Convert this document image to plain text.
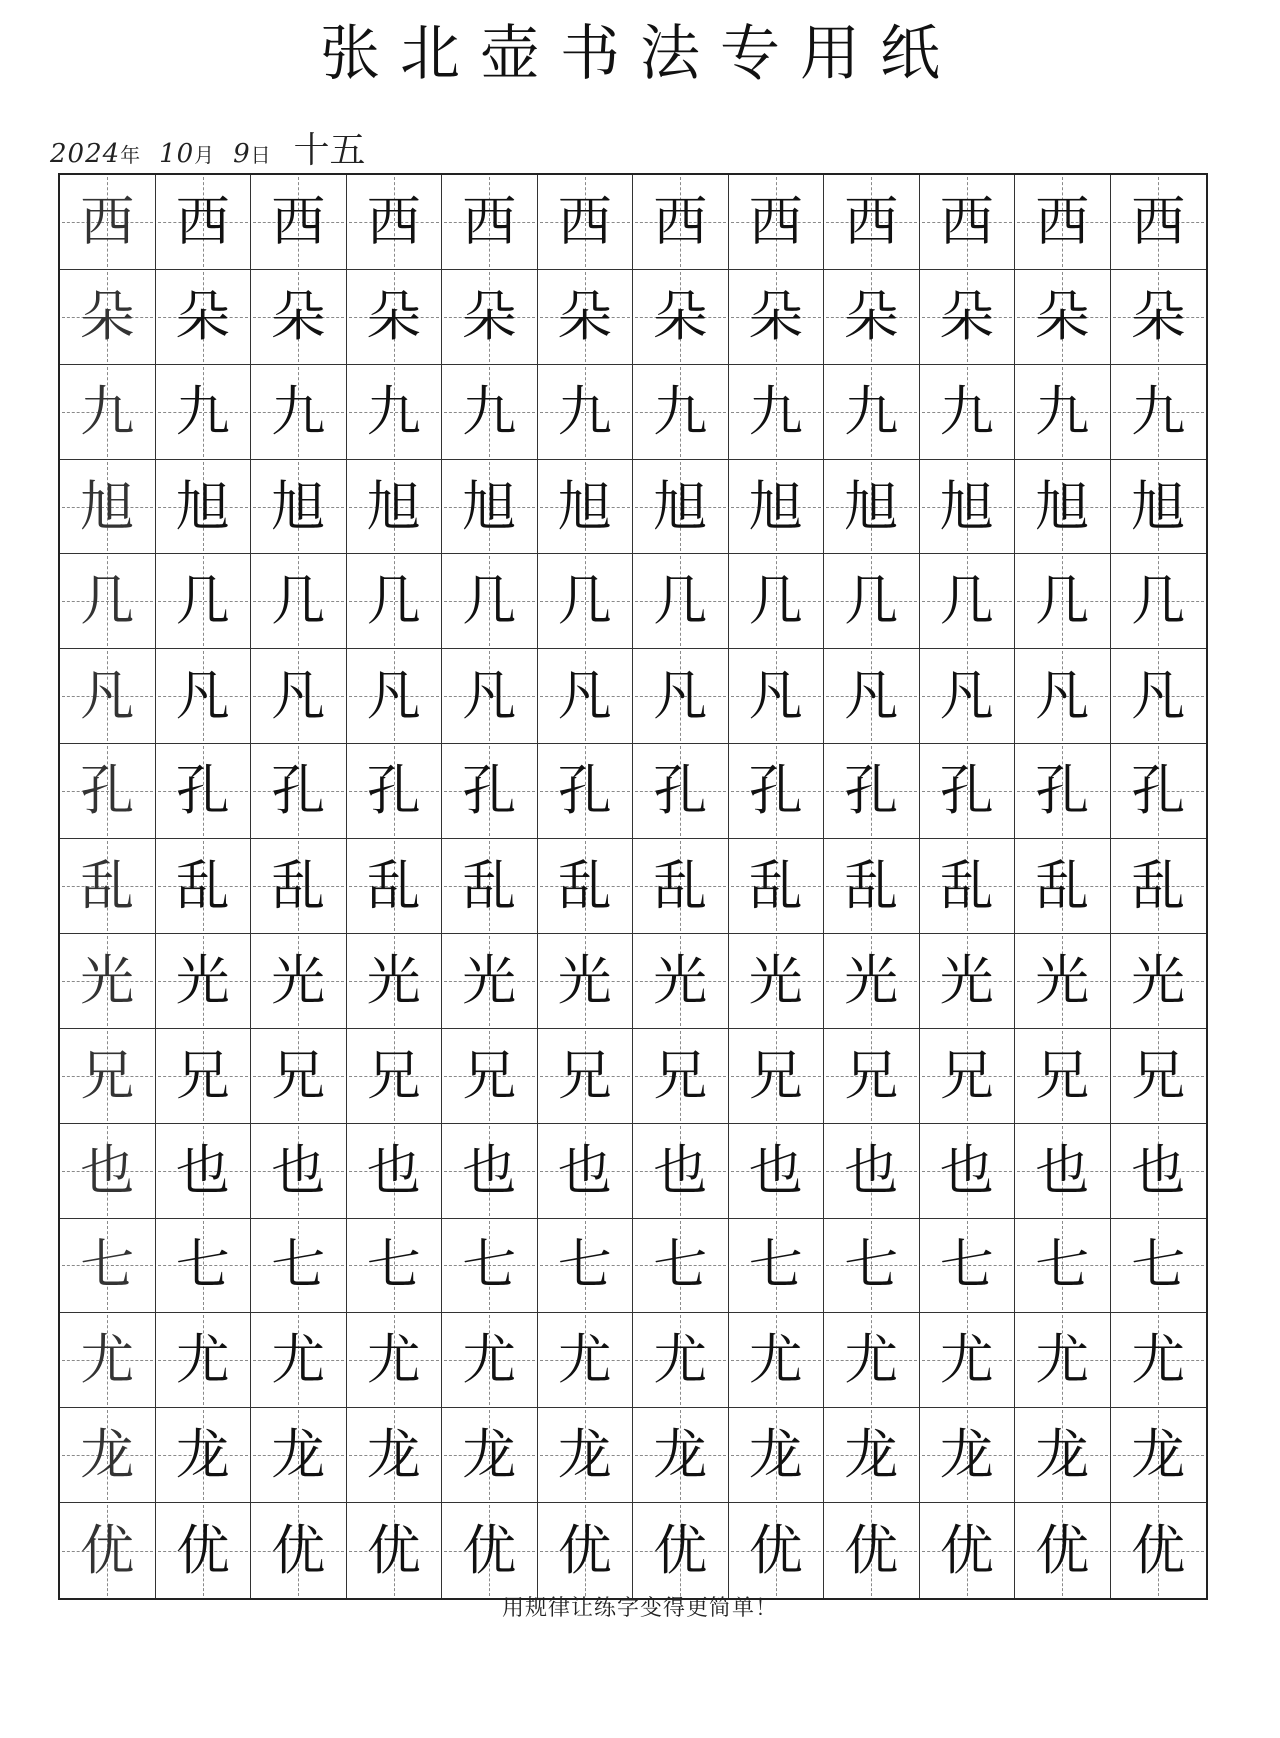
张北壶书法专用纸
2024年 10月 9日 十五
西 西 西 西 西 西 西 西 西 西 西 西
朵 朵 朵 朵 朵 朵 朵 朵 朵 朵 朵 朵
九 九 九 九 九 九 九 九 九 九 九 九
旭 旭 旭 旭 旭 旭 旭 旭 旭 旭 旭 旭
几 几 几 几 几 几 几 几 几 几 几 几
凡 凡 凡 凡 凡 凡 凡 凡 凡 凡 凡 凡
孔 孔 孔 孔 孔 孔 孔 孔 孔 孔 孔 孔
乱 乱 乱 乱 乱 乱 乱 乱 乱 乱 乱 乱
光 光 光 光 光 光 光 光 光 光 光 光
兄 兄 兄 兄 兄 兄 兄 兄 兄 兄 兄 兄
也 也 也 也 也 也 也 也 也 也 也 也
七 七 七 七 七 七 七 七 七 七 七 七
尤 尤 尤 尤 尤 尤 尤 尤 尤 尤 尤 尤
龙 龙 龙 龙 龙 龙 龙 龙 龙 龙 龙 龙
优 优 优 优 优 优 优 优 优 优 优 优
用规律让练字变得更简单！
